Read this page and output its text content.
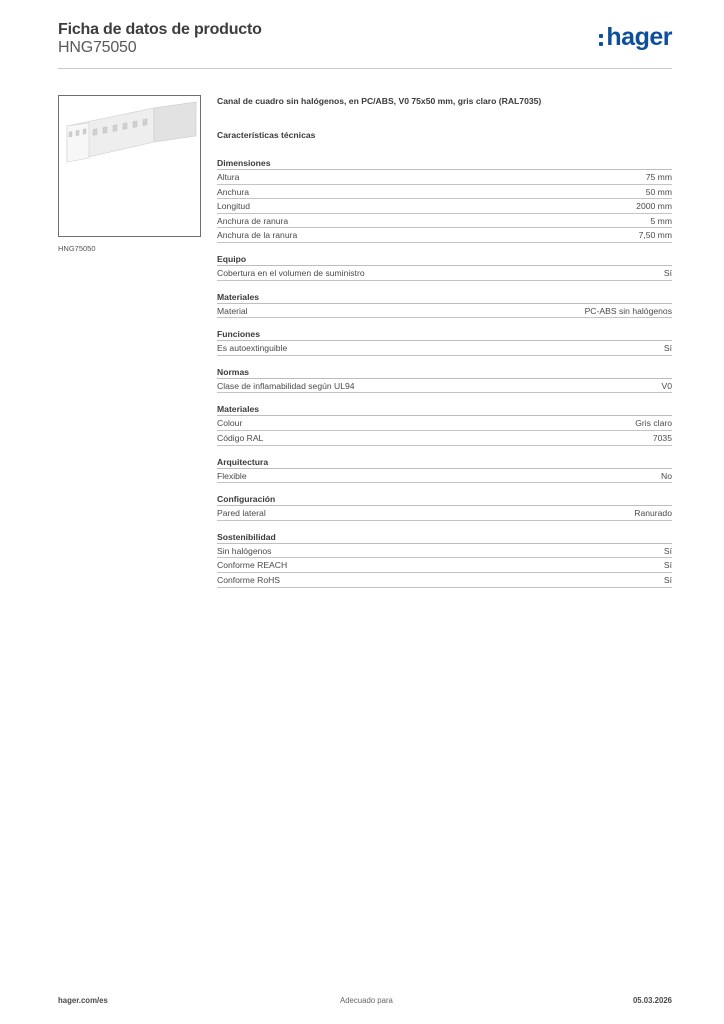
Ficha de datos de producto
HNG75050	hager
HNG75050
Canal de cuadro sin halógenos, en PC/ABS, V0 75x50 mm, gris claro (RAL7035)
Características técnicas
Dimensiones
Altura	75 mm
Anchura	50 mm
Longitud	2000 mm
Anchura de ranura	5 mm
Anchura de la ranura	7,50 mm
Equipo
Cobertura en el volumen de suministro	Sí
Materiales
Material	PC-ABS sin halógenos
Funciones
Es autoextinguible	Sí
Normas
Clase de inflamabilidad según UL94	V0
Materiales
Colour	Gris claro
Código RAL	7035
Arquitectura
Flexible	No
Configuración
Pared lateral	Ranurado
Sostenibilidad
Sin halógenos	Sí
Conforme REACH	Sí
Conforme RoHS	Sí
hager.com/es	Adecuado para	05.03.2026
